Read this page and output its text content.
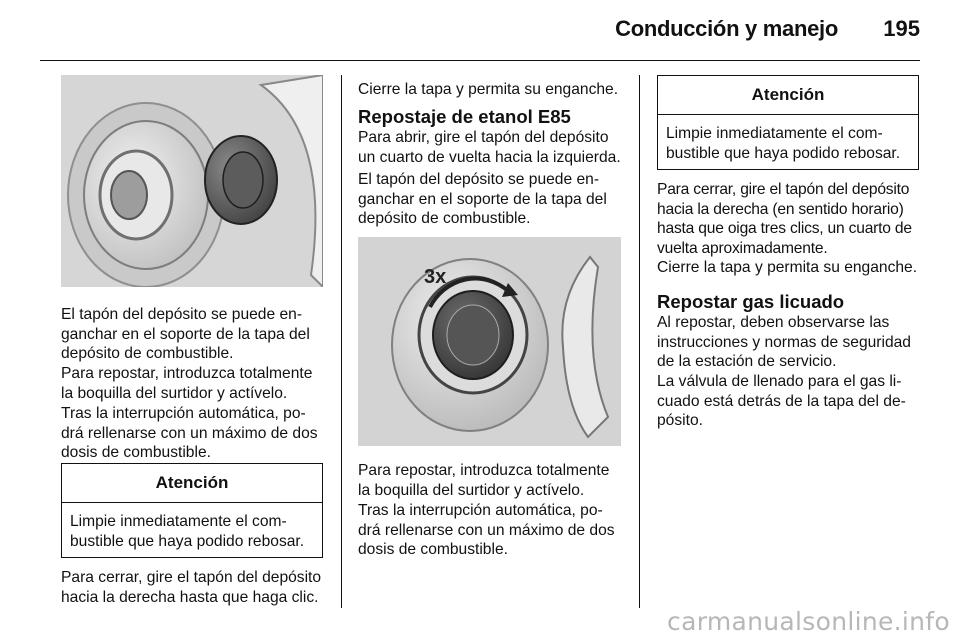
Conducción y manejo 195

El tapón del depósito se puede en-
ganchar en el soporte de la tapa del
depósito de combustible.

Para repostar, introduzca totalmente
la boquilla del surtidor y actívelo.

Tras la interrupción automática, po-
drá rellenarse con un máximo de dos
dosis de combustible.

Atención
Limpie inmediatamente el com-
bustible que haya podido rebosar.

Para cerrar, gire el tapón del depósito
hacia la derecha hasta que haga clic.

Cierre la tapa y permita su enganche.

Repostaje de etanol E85

Para abrir, gire el tapón del depósito
un cuarto de vuelta hacia la izquierda.

El tapón del depósito se puede en-
ganchar en el soporte de la tapa del
depósito de combustible.

3x

Para repostar, introduzca totalmente
la boquilla del surtidor y actívelo.

Tras la interrupción automática, po-
drá rellenarse con un máximo de dos
dosis de combustible.

Atención
Limpie inmediatamente el com-
bustible que haya podido rebosar.

Para cerrar, gire el tapón del depósito
hacia la derecha (en sentido horario)
hasta que oiga tres clics, un cuarto de
vuelta aproximadamente.

Cierre la tapa y permita su enganche.

Repostar gas licuado

Al repostar, deben observarse las
instrucciones y normas de seguridad
de la estación de servicio.

La válvula de llenado para el gas li-
cuado está detrás de la tapa del de-
pósito.

carmanualsonline.info
